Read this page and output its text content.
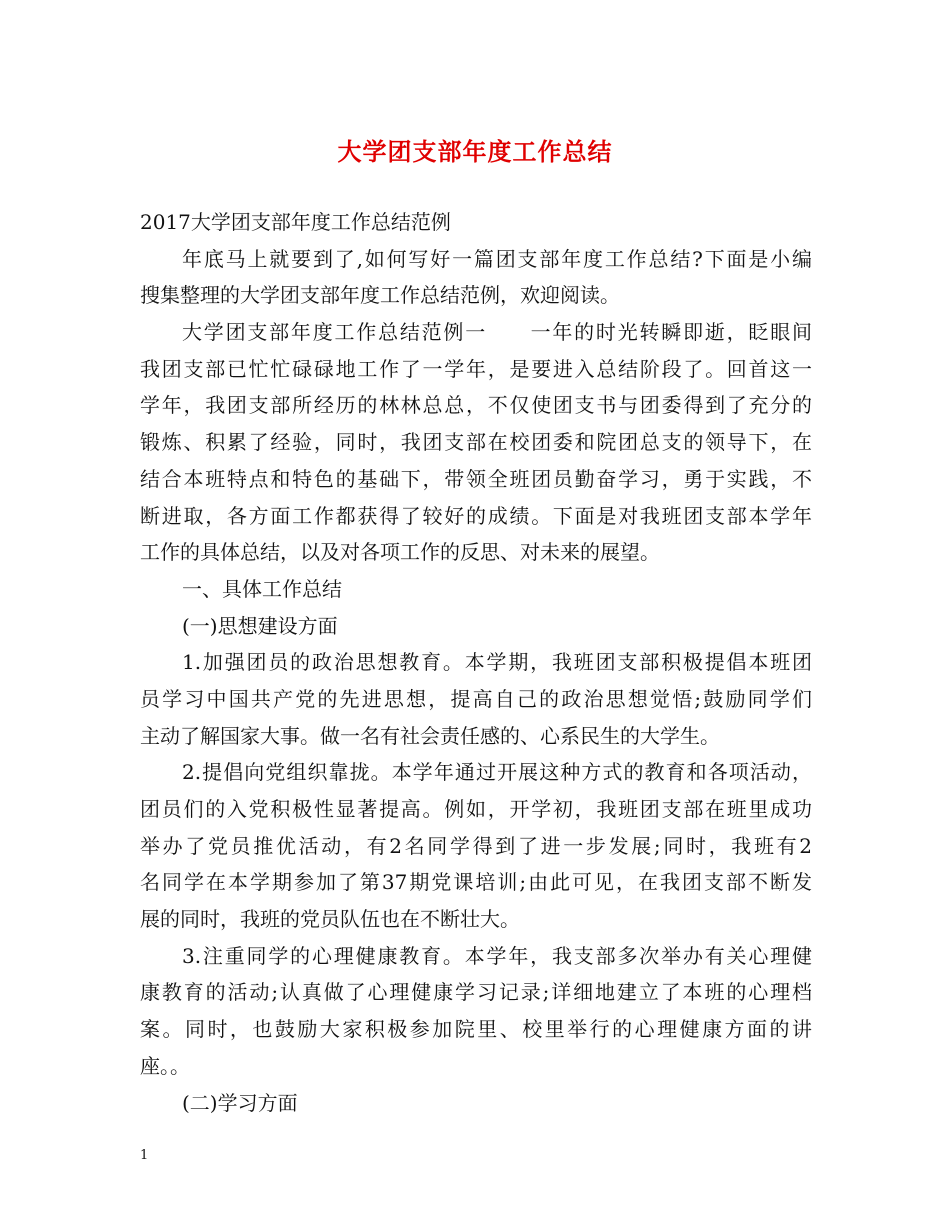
大学团支部年度工作总结
2017大学团支部年度工作总结范例
年底马上就要到了,如何写好一篇团支部年度工作总结?下面是小编
搜集整理的大学团支部年度工作总结范例，欢迎阅读。
大学团支部年度工作总结范例一　　一年的时光转瞬即逝，眨眼间
我团支部已忙忙碌碌地工作了一学年，是要进入总结阶段了。回首这一
学年，我团支部所经历的林林总总，不仅使团支书与团委得到了充分的
锻炼、积累了经验，同时，我团支部在校团委和院团总支的领导下，在
结合本班特点和特色的基础下，带领全班团员勤奋学习，勇于实践，不
断进取，各方面工作都获得了较好的成绩。下面是对我班团支部本学年
工作的具体总结，以及对各项工作的反思、对未来的展望。
一、具体工作总结
(一)思想建设方面
1.加强团员的政治思想教育。本学期，我班团支部积极提倡本班团
员学习中国共产党的先进思想，提高自己的政治思想觉悟;鼓励同学们
主动了解国家大事。做一名有社会责任感的、心系民生的大学生。
2.提倡向党组织靠拢。本学年通过开展这种方式的教育和各项活动，
团员们的入党积极性显著提高。例如，开学初，我班团支部在班里成功
举办了党员推优活动，有2名同学得到了进一步发展;同时，我班有2
名同学在本学期参加了第37期党课培训;由此可见，在我团支部不断发
展的同时，我班的党员队伍也在不断壮大。
3.注重同学的心理健康教育。本学年，我支部多次举办有关心理健
康教育的活动;认真做了心理健康学习记录;详细地建立了本班的心理档
案。同时，也鼓励大家积极参加院里、校里举行的心理健康方面的讲
座。。
(二)学习方面
1
